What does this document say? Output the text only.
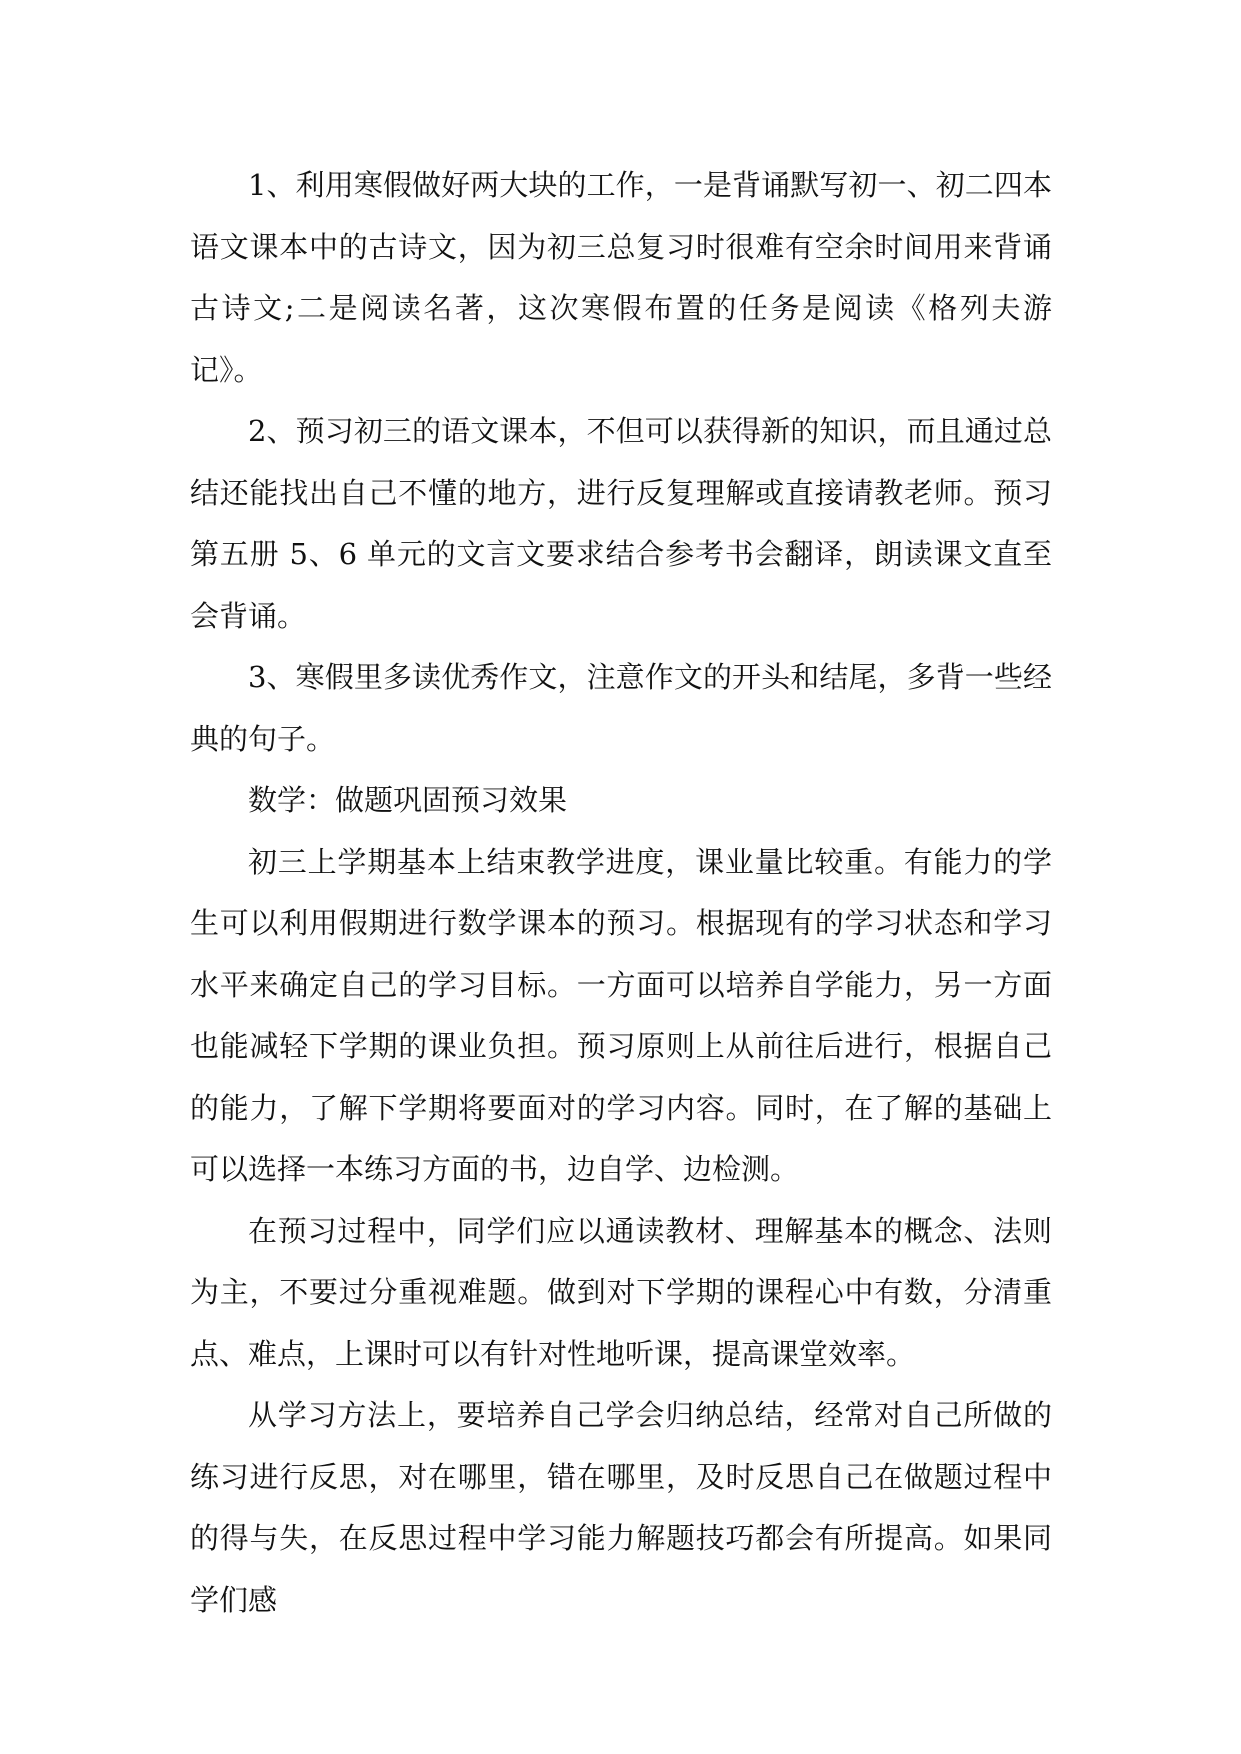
1、利用寒假做好两大块的工作，一是背诵默写初一、初二四本语文课本中的古诗文，因为初三总复习时很难有空余时间用来背诵古诗文;二是阅读名著，这次寒假布置的任务是阅读《格列夫游记》。

2、预习初三的语文课本，不但可以获得新的知识，而且通过总结还能找出自己不懂的地方，进行反复理解或直接请教老师。预习第五册 5、6 单元的文言文要求结合参考书会翻译，朗读课文直至会背诵。

3、寒假里多读优秀作文，注意作文的开头和结尾，多背一些经典的句子。

数学：做题巩固预习效果

初三上学期基本上结束教学进度，课业量比较重。有能力的学生可以利用假期进行数学课本的预习。根据现有的学习状态和学习水平来确定自己的学习目标。一方面可以培养自学能力，另一方面也能减轻下学期的课业负担。预习原则上从前往后进行，根据自己的能力，了解下学期将要面对的学习内容。同时，在了解的基础上可以选择一本练习方面的书，边自学、边检测。

在预习过程中，同学们应以通读教材、理解基本的概念、法则为主，不要过分重视难题。做到对下学期的课程心中有数，分清重点、难点，上课时可以有针对性地听课，提高课堂效率。

从学习方法上，要培养自己学会归纳总结，经常对自己所做的练习进行反思，对在哪里，错在哪里，及时反思自己在做题过程中的得与失，在反思过程中学习能力解题技巧都会有所提高。如果同学们感
